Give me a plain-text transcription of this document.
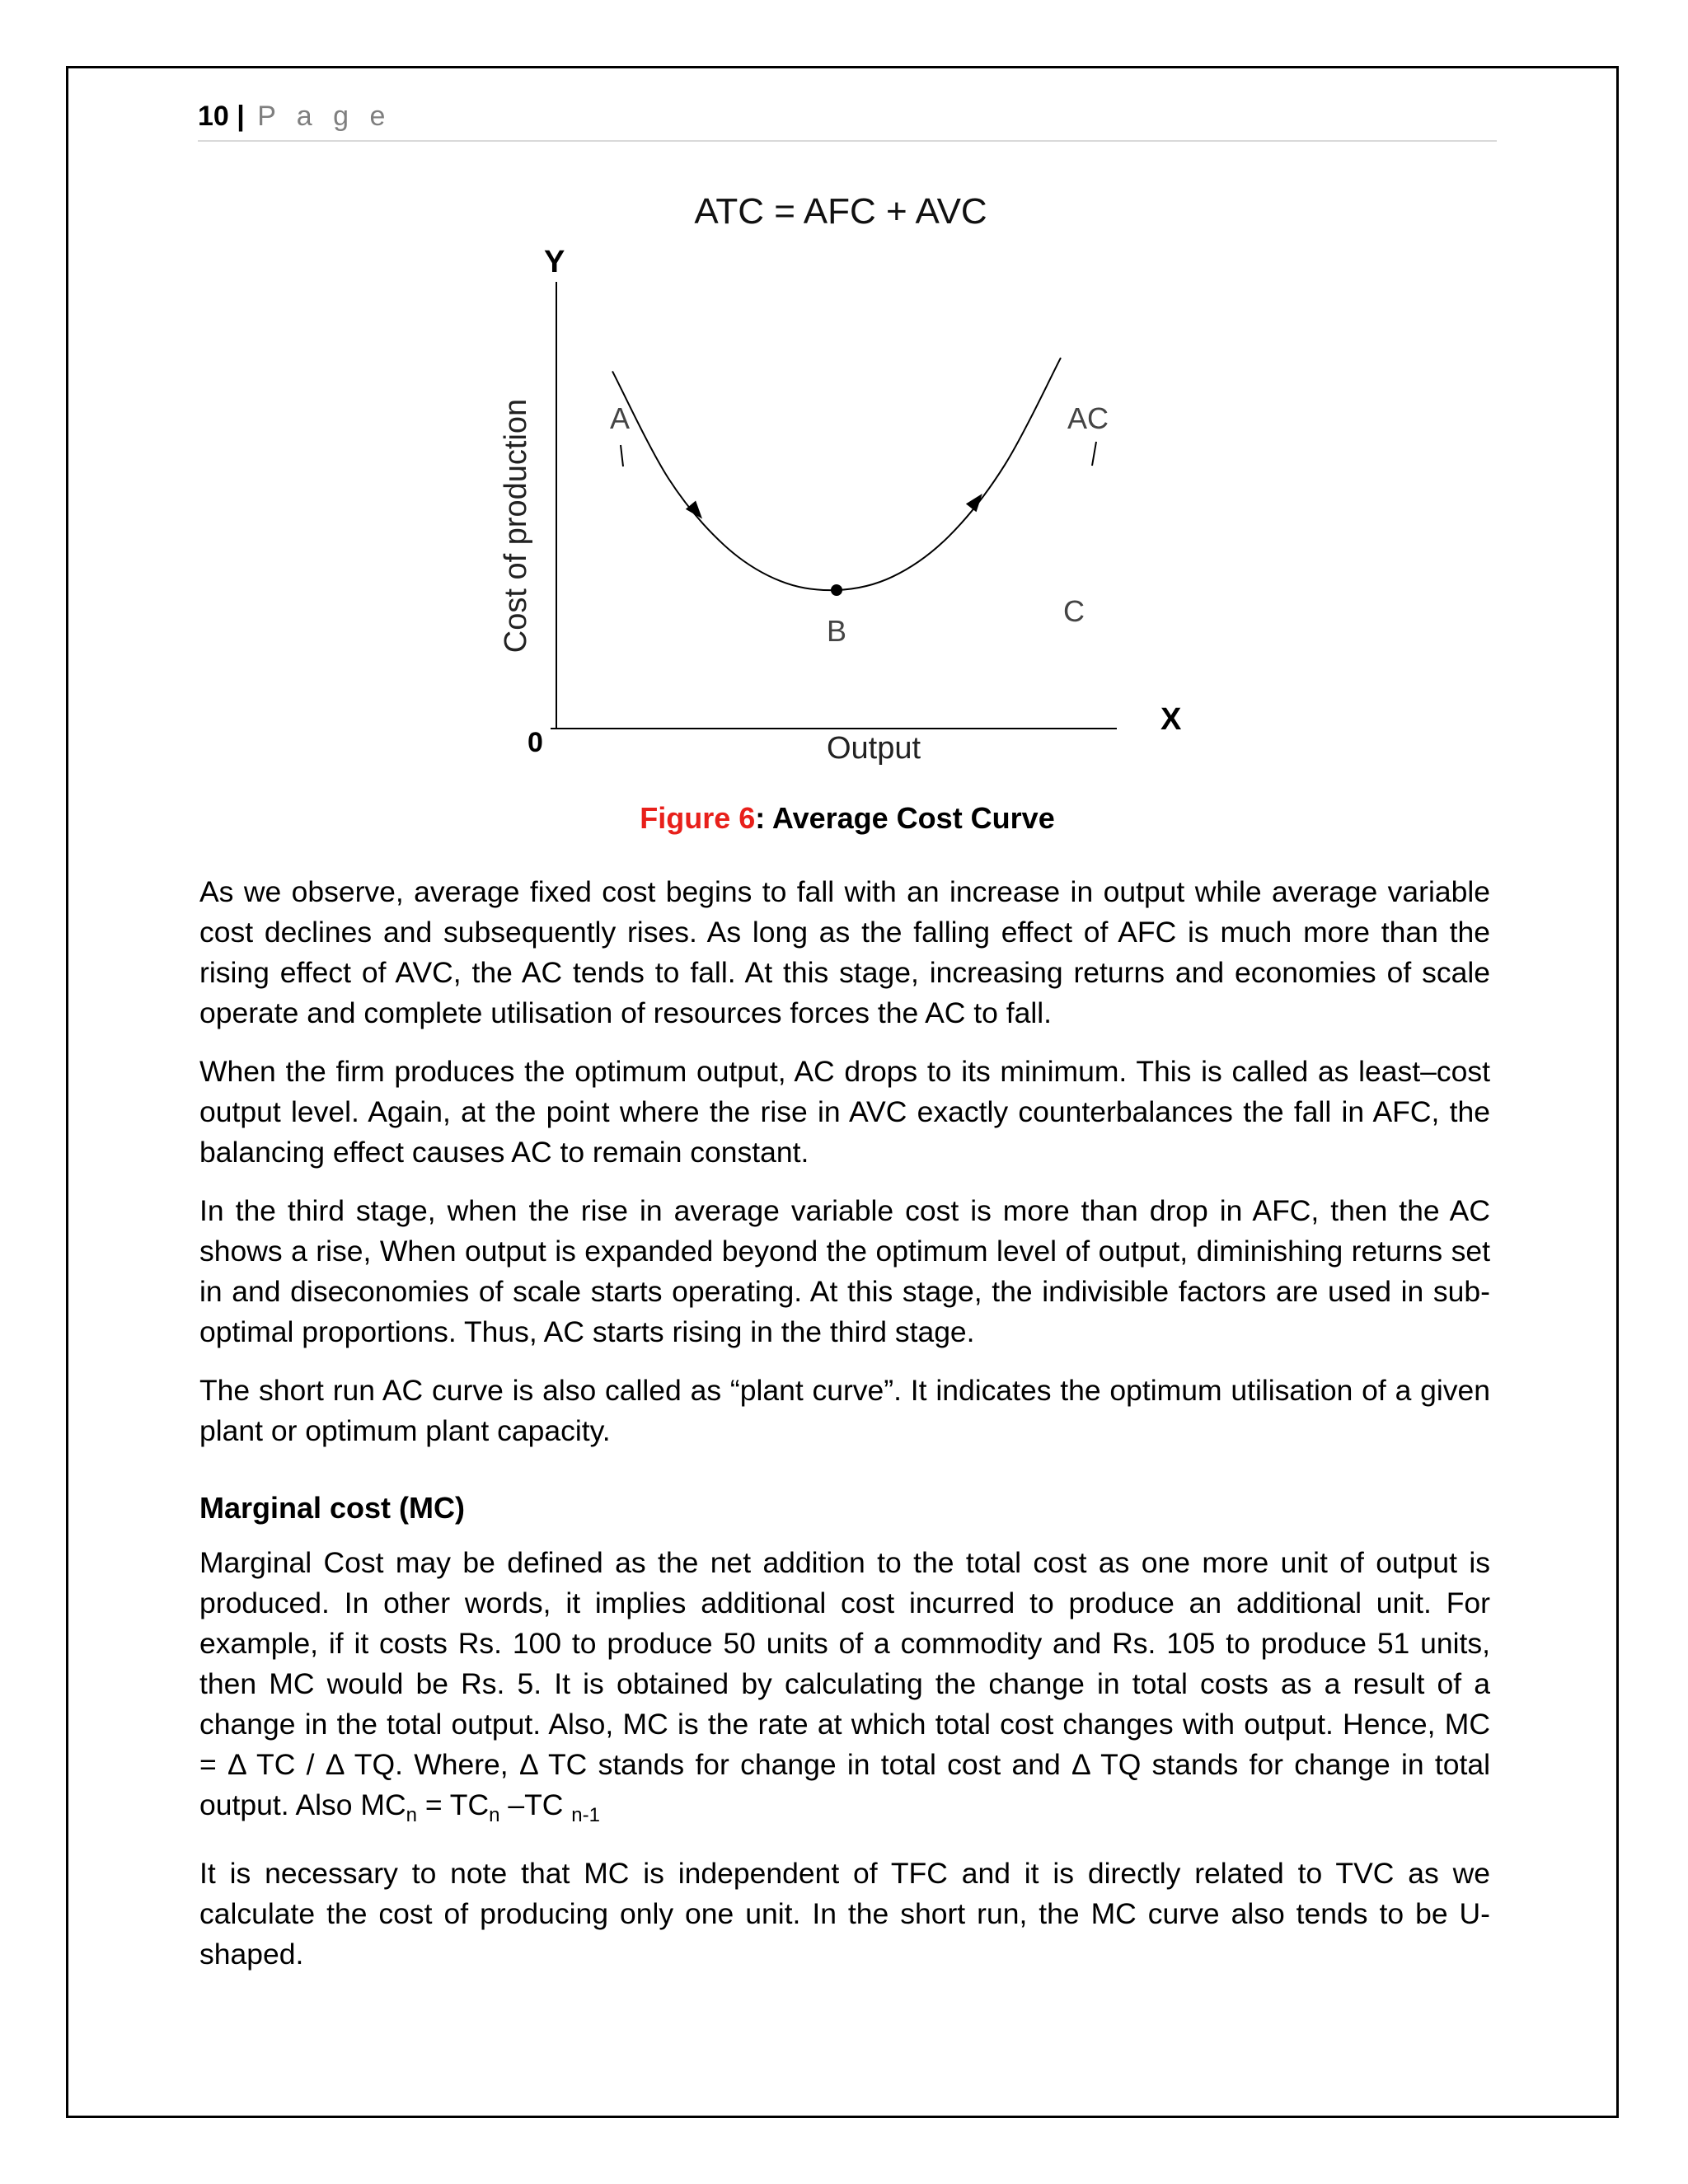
10 | P a g e
ATC = AFC + AVC
Y
X
0
Cost of production
Output
B
AC
A
C
Figure 6: Average Cost Curve

As we observe, average fixed cost begins to fall with an increase in output while average variable cost declines and subsequently rises. As long as the falling effect of AFC is much more than the rising effect of AVC, the AC tends to fall. At this stage, increasing returns and economies of scale operate and complete utilisation of resources forces the AC to fall.

When the firm produces the optimum output, AC drops to its minimum. This is called as least–cost output level. Again, at the point where the rise in AVC exactly counterbalances the fall in AFC, the balancing effect causes AC to remain constant.

In the third stage, when the rise in average variable cost is more than drop in AFC, then the AC shows a rise, When output is expanded beyond the optimum level of output, diminishing returns set in and diseconomies of scale starts operating. At this stage, the indivisible factors are used in sub-optimal proportions. Thus, AC starts rising in the third stage.

The short run AC curve is also called as “plant curve”. It indicates the optimum utilisation of a given plant or optimum plant capacity.

Marginal cost (MC)

Marginal Cost may be defined as the net addition to the total cost as one more unit of output is produced. In other words, it implies additional cost incurred to produce an additional unit. For example, if it costs Rs. 100 to produce 50 units of a commodity and Rs. 105 to produce 51 units, then MC would be Rs. 5. It is obtained by calculating the change in total costs as a result of a change in the total output. Also, MC is the rate at which total cost changes with output. Hence, MC = Δ TC / Δ TQ. Where, Δ TC stands for change in total cost and Δ TQ stands for change in total output. Also $MC_n = TC_n$ –TC $_{n-1}$

It is necessary to note that MC is independent of TFC and it is directly related to TVC as we calculate the cost of producing only one unit. In the short run, the MC curve also tends to be U-shaped.
